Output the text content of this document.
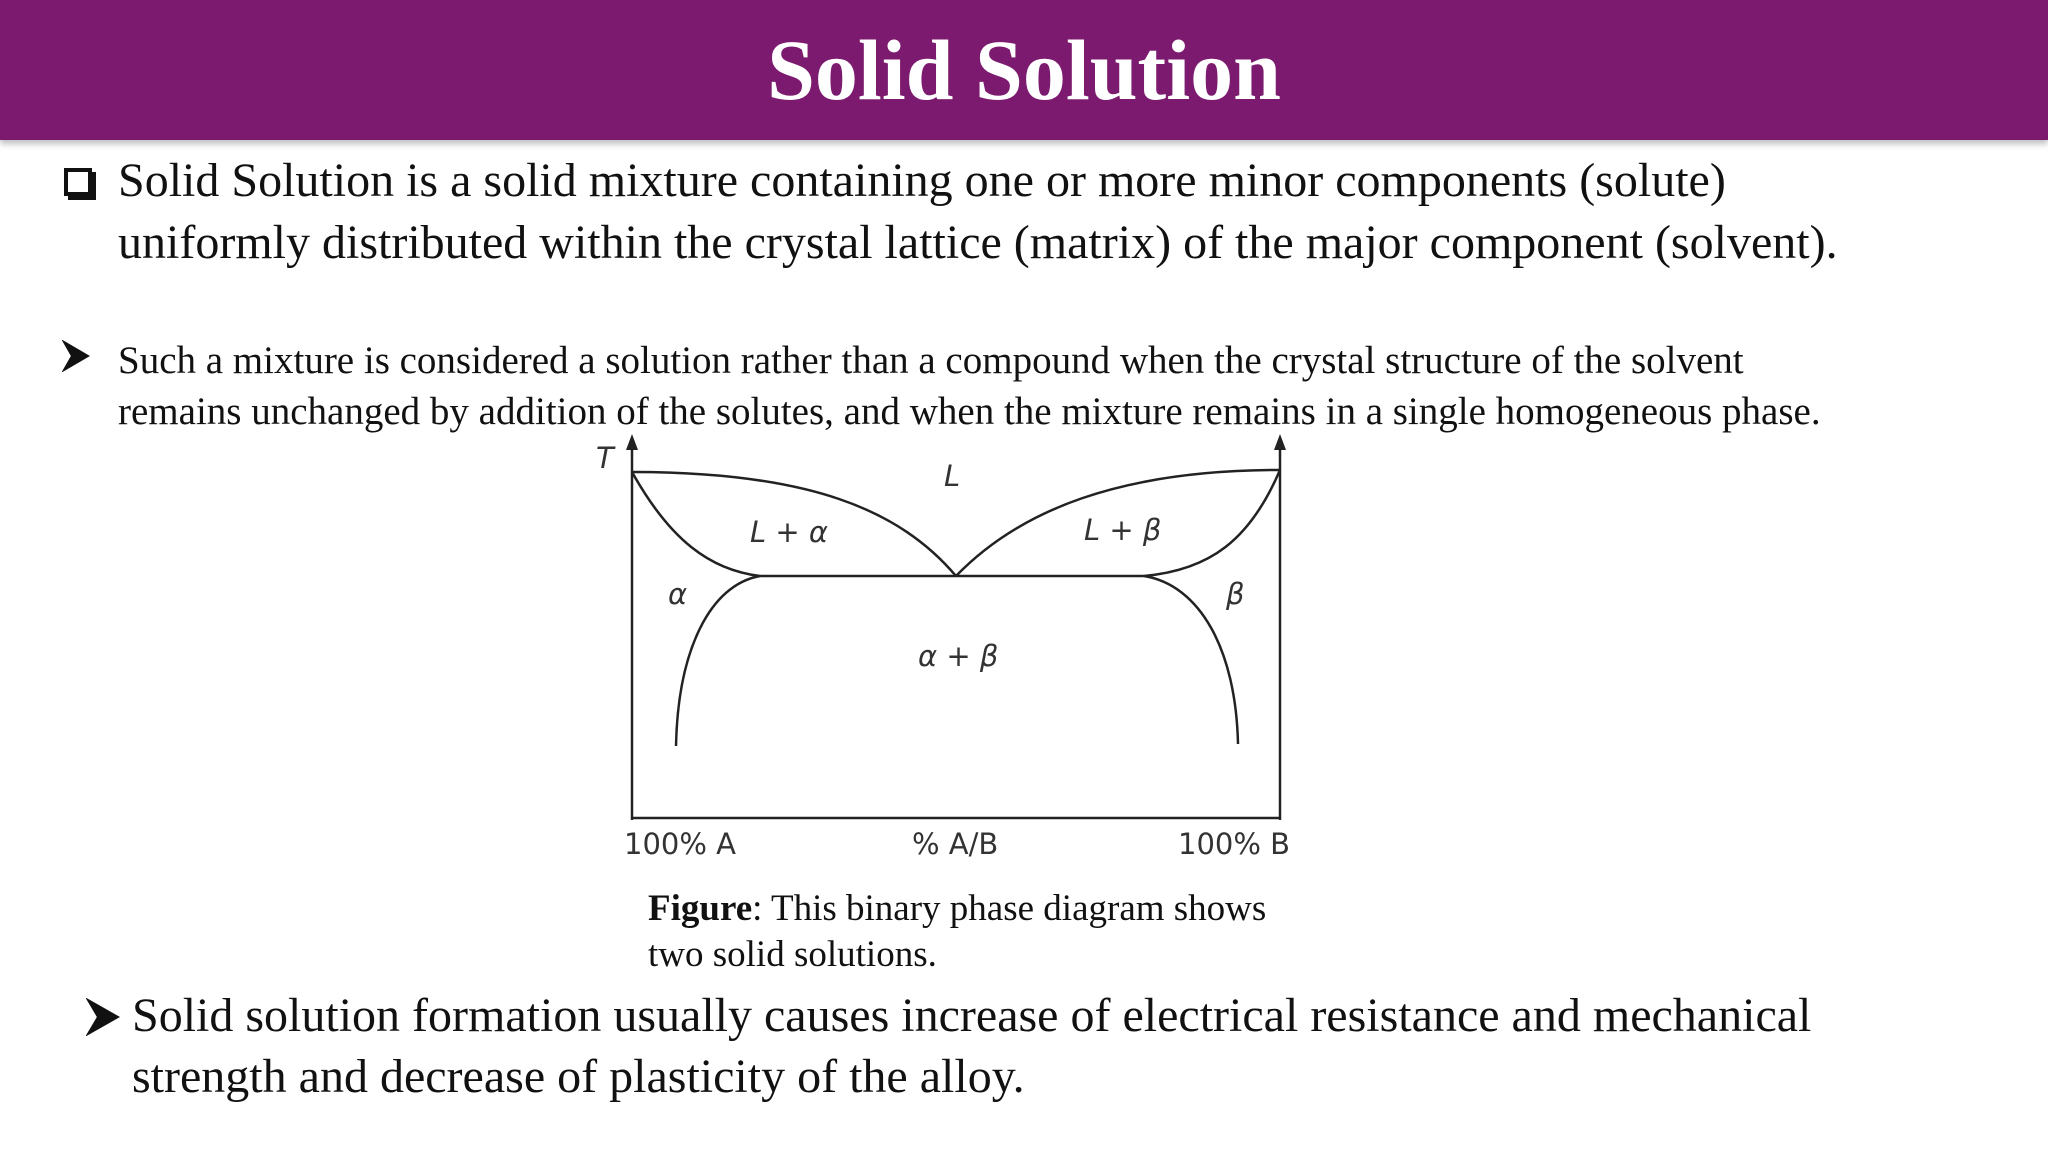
Solid Solution
Solid Solution is a solid mixture containing one or more minor components (solute)
uniformly distributed within the crystal lattice (matrix) of the major component (solvent).
Such a mixture is considered a solution rather than a compound when the crystal structure of the solvent
remains unchanged by addition of the solutes, and when the mixture remains in a single homogeneous phase.
T
L
L + α	L + β
α	β
α + β
100% A	% A/B	100% B
Figure: This binary phase diagram shows
two solid solutions.
Solid solution formation usually causes increase of electrical resistance and mechanical
strength and decrease of plasticity of the alloy.
